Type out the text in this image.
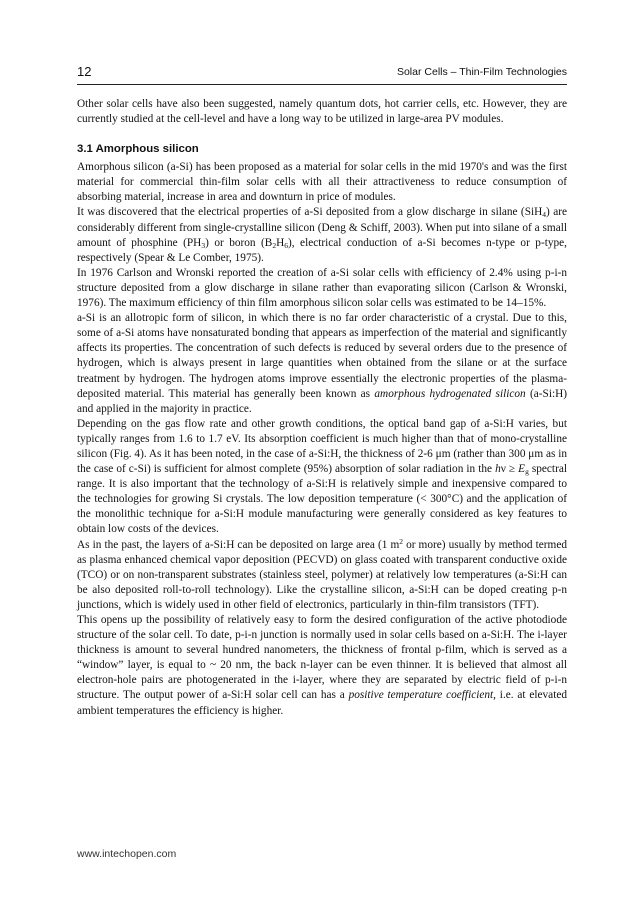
12	Solar Cells – Thin-Film Technologies

Other solar cells have also been suggested, namely quantum dots, hot carrier cells, etc. However, they are currently studied at the cell-level and have a long way to be utilized in large-area PV modules.

3.1 Amorphous silicon

Amorphous silicon (a-Si) has been proposed as a material for solar cells in the mid 1970's and was the first material for commercial thin-film solar cells with all their attractiveness to reduce consumption of absorbing material, increase in area and downturn in price of modules.

It was discovered that the electrical properties of a-Si deposited from a glow discharge in silane (SiH$_4$) are considerably different from single-crystalline silicon (Deng & Schiff, 2003). When put into silane of a small amount of phosphine $(PH_3)$ or boron $(B_2H_6)$, electrical conduction of a-Si becomes n-type or p-type, respectively (Spear & Le Comber, 1975).

In 1976 Carlson and Wronski reported the creation of a-Si solar cells with efficiency of 2.4% using p-i-n structure deposited from a glow discharge in silane rather than evaporating silicon (Carlson & Wronski, 1976). The maximum efficiency of thin film amorphous silicon solar cells was estimated to be 14–15%.

a-Si is an allotropic form of silicon, in which there is no far order characteristic of a crystal. Due to this, some of a-Si atoms have nonsaturated bonding that appears as imperfection of the material and significantly affects its properties. The concentration of such defects is reduced by several orders due to the presence of hydrogen, which is always present in large quantities when obtained from the silane or at the surface treatment by hydrogen. The hydrogen atoms improve essentially the electronic properties of the plasma-deposited material. This material has generally been known as amorphous hydrogenated silicon (a-Si:H) and applied in the majority in practice.

Depending on the gas flow rate and other growth conditions, the optical band gap of a-Si:H varies, but typically ranges from 1.6 to 1.7 eV. Its absorption coefficient is much higher than that of mono-crystalline silicon (Fig. 4). As it has been noted, in the case of a-Si:H, the thickness of 2-6 μm (rather than 300 μm as in the case of c-Si) is sufficient for almost complete (95%) absorption of solar radiation in the $h\nu \ge E_g$ spectral range. It is also important that the technology of a-Si:H is relatively simple and inexpensive compared to the technologies for growing Si crystals. The low deposition temperature (< 300°C) and the application of the monolithic technique for a-Si:H module manufacturing were generally considered as key features to obtain low costs of the devices.

As in the past, the layers of a-Si:H can be deposited on large area (1 $m^2$ or more) usually by method termed as plasma enhanced chemical vapor deposition (PECVD) on glass coated with transparent conductive oxide (TCO) or on non-transparent substrates (stainless steel, polymer) at relatively low temperatures (a-Si:H can be also deposited roll-to-roll technology). Like the crystalline silicon, a-Si:H can be doped creating p-n junctions, which is widely used in other field of electronics, particularly in thin-film transistors (TFT).

This opens up the possibility of relatively easy to form the desired configuration of the active photodiode structure of the solar cell. To date, p-i-n junction is normally used in solar cells based on a-Si:H. The i-layer thickness is amount to several hundred nanometers, the thickness of frontal p-film, which is served as a “window” layer, is equal to ~ 20 nm, the back n-layer can be even thinner. It is believed that almost all electron-hole pairs are photogenerated in the i-layer, where they are separated by electric field of p-i-n structure. The output power of a-Si:H solar cell can has a positive temperature coefficient, i.e. at elevated ambient temperatures the efficiency is higher.

www.intechopen.com
